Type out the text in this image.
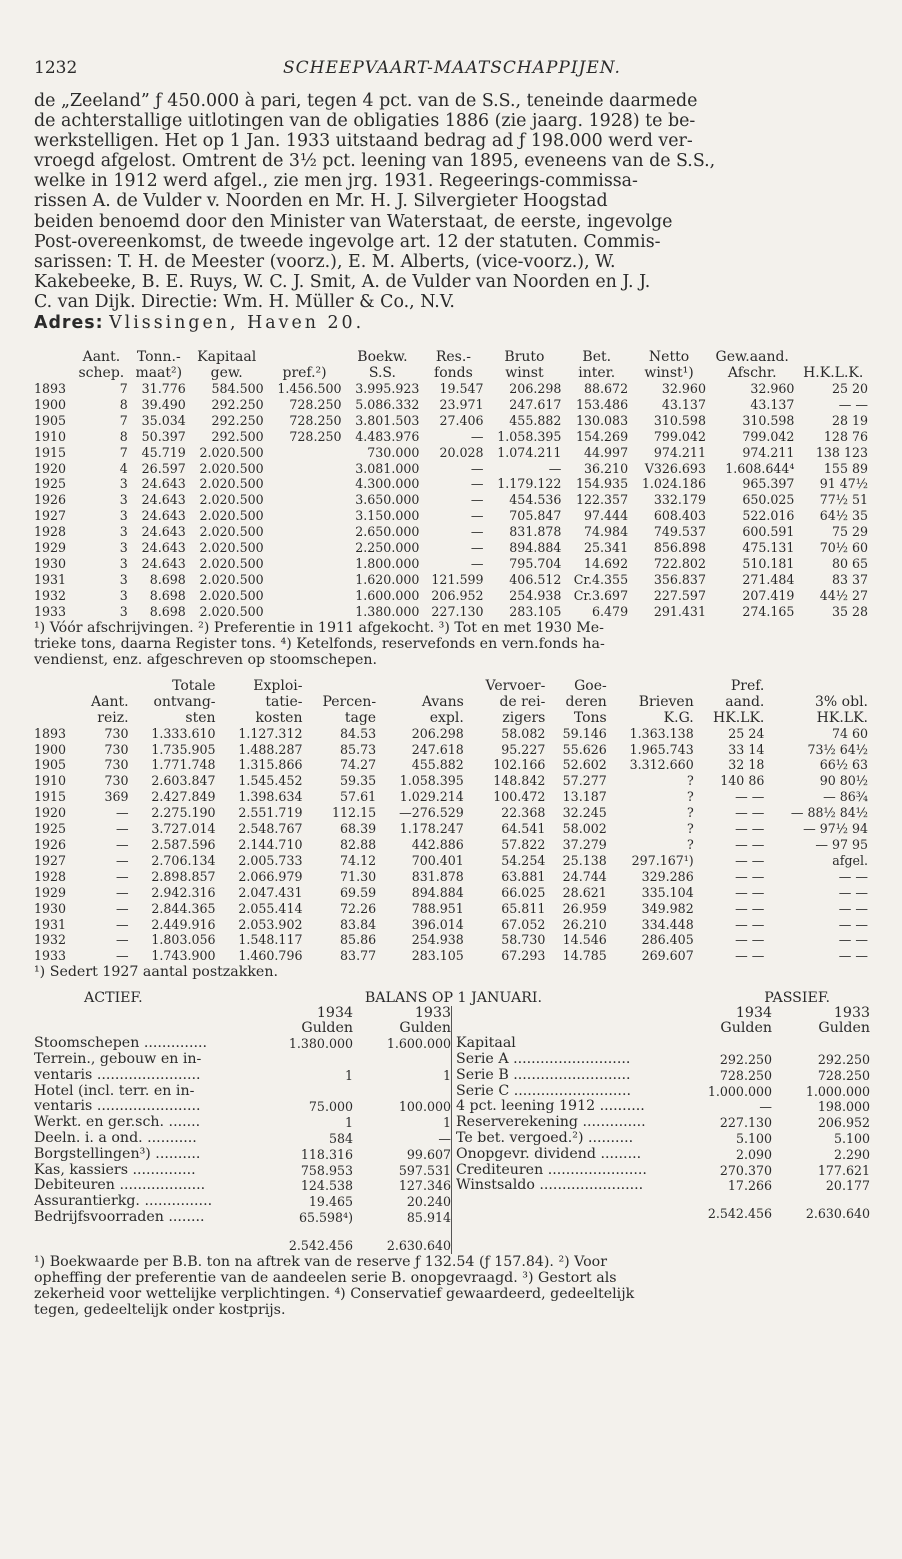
1232	SCHEEPVAART-MAATSCHAPPIJEN.

de „Zeeland” ƒ 450.000 à pari, tegen 4 pct. van de S.S., teneinde daarmede

de achterstallige uitlotingen van de obligaties 1886 (zie jaarg. 1928) te be-

werkstelligen. Het op 1 Jan. 1933 uitstaand bedrag ad ƒ 198.000 werd ver-

vroegd afgelost. Omtrent de 3½ pct. leening van 1895, eveneens van de S.S.,

welke in 1912 werd afgel., zie men jrg. 1931. Regeerings-commissa-

rissen A. de Vulder v. Noorden en Mr. H. J. Silvergieter Hoogstad

beiden benoemd door den Minister van Waterstaat, de eerste, ingevolge

Post-overeenkomst, de tweede ingevolge art. 12 der statuten. Commis-

sarissen: T. H. de Meester (voorz.), E. M. Alberts, (vice-voorz.), W.

Kakebeeke, B. E. Ruys, W. C. J. Smit, A. de Vulder van Noorden en J. J.

C. van Dijk. Directie: Wm. H. Müller & Co., N.V.

Adres: Vlissingen, Haven 20.
	Aant.	Tonn.-	Kapitaal		Boekw.	Res.-	Bruto	Bet.	Netto	Gew.aand.	
	schep.	maat²)	gew.	pref.²)	S.S.	fonds	winst	inter.	winst¹)	Afschr.	H.K.L.K.
1893	7	31.776	584.500	1.456.500	3.995.923	19.547	206.298	88.672	32.960	32.960	25 20
1900	8	39.490	292.250	728.250	5.086.332	23.971	247.617	153.486	43.137	43.137	— —
1905	7	35.034	292.250	728.250	3.801.503	27.406	455.882	130.083	310.598	310.598	28 19
1910	8	50.397	292.500	728.250	4.483.976	—	1.058.395	154.269	799.042	799.042	128 76
1915	7	45.719	2.020.500		730.000	20.028	1.074.211	44.997	974.211	974.211	138 123
1920	4	26.597	2.020.500		3.081.000	—	—	36.210	V326.693	1.608.644⁴	155 89
1925	3	24.643	2.020.500		4.300.000	—	1.179.122	154.935	1.024.186	965.397	91 47½
1926	3	24.643	2.020.500		3.650.000	—	454.536	122.357	332.179	650.025	77½ 51
1927	3	24.643	2.020.500		3.150.000	—	705.847	97.444	608.403	522.016	64½ 35
1928	3	24.643	2.020.500		2.650.000	—	831.878	74.984	749.537	600.591	75 29
1929	3	24.643	2.020.500		2.250.000	—	894.884	25.341	856.898	475.131	70½ 60
1930	3	24.643	2.020.500		1.800.000	—	795.704	14.692	722.802	510.181	80 65
1931	3	8.698	2.020.500		1.620.000	121.599	406.512	Cr.4.355	356.837	271.484	83 37
1932	3	8.698	2.020.500		1.600.000	206.952	254.938	Cr.3.697	227.597	207.419	44½ 27
1933	3	8.698	2.020.500		1.380.000	227.130	283.105	6.479	291.431	274.165	35 28
¹) Vóór afschrijvingen. ²) Preferentie in 1911 afgekocht. ³) Tot en met 1930 Me-
trieke tons, daarna Register tons. ⁴) Ketelfonds, reservefonds en vern.fonds ha-
vendienst, enz. afgeschreven op stoomschepen.
		Totale	Exploi-			Vervoer-	Goe-		Pref.	
	Aant.	ontvang-	tatie-	Percen-	Avans	de rei-	deren	Brieven	aand.	3% obl.
	reiz.	sten	kosten	tage	expl.	zigers	Tons	K.G.	HK.LK.	HK.LK.
1893	730	1.333.610	1.127.312	84.53	206.298	58.082	59.146	1.363.138	25 24	74 60
1900	730	1.735.905	1.488.287	85.73	247.618	95.227	55.626	1.965.743	33 14	73½ 64½
1905	730	1.771.748	1.315.866	74.27	455.882	102.166	52.602	3.312.660	32 18	66½ 63
1910	730	2.603.847	1.545.452	59.35	1.058.395	148.842	57.277	?	140 86	90 80½
1915	369	2.427.849	1.398.634	57.61	1.029.214	100.472	13.187	?	— —	— 86¾
1920	—	2.275.190	2.551.719	112.15	—276.529	22.368	32.245	?	— —	— 88½ 84½
1925	—	3.727.014	2.548.767	68.39	1.178.247	64.541	58.002	?	— —	— 97½ 94
1926	—	2.587.596	2.144.710	82.88	442.886	57.822	37.279	?	— —	— 97 95
1927	—	2.706.134	2.005.733	74.12	700.401	54.254	25.138	297.167¹)	— —	afgel.
1928	—	2.898.857	2.066.979	71.30	831.878	63.881	24.744	329.286	— —	— —
1929	—	2.942.316	2.047.431	69.59	894.884	66.025	28.621	335.104	— —	— —
1930	—	2.844.365	2.055.414	72.26	788.951	65.811	26.959	349.982	— —	— —
1931	—	2.449.916	2.053.902	83.84	396.014	67.052	26.210	334.448	— —	— —
1932	—	1.803.056	1.548.117	85.86	254.938	58.730	14.546	286.405	— —	— —
1933	—	1.743.900	1.460.796	83.77	283.105	67.293	14.785	269.607	— —	— —
¹) Sedert 1927 aantal postzakken.
ACTIEF.	BALANS OP 1 JANUARI.	PASSIEF.
1934	1933
Gulden	Gulden
Stoomschepen ..............	1.380.000	1.600.000
Terrein., gebouw en in-
ventaris .......................	1	1
Hotel (incl. terr. en in-
ventaris .......................	75.000	100.000
Werkt. en ger.sch. .......	1	1
Deeln. i. a ond. ...........	584	—
Borgstellingen³) ..........	118.316	99.607
Kas, kassiers ..............	758.953	597.531
Debiteuren ...................	124.538	127.346
Assurantierkg. ...............	19.465	20.240
Bedrijfsvoorraden ........	65.598⁴)	85.914
2.542.456	2.630.640
1934	1933
Gulden	Gulden
Kapitaal
Serie A ..........................	292.250	292.250
Serie B ..........................	728.250	728.250
Serie C ..........................	1.000.000	1.000.000
4 pct. leening 1912 ..........	—	198.000
Reserverekening ..............	227.130	206.952
Te bet. vergoed.²) ..........	5.100	5.100
Onopgevr. dividend .........	2.090	2.290
Crediteuren ......................	270.370	177.621
Winstsaldo .......................	17.266	20.177
2.542.456	2.630.640
¹) Boekwaarde per B.B. ton na aftrek van de reserve ƒ 132.54 (ƒ 157.84). ²) Voor
opheffing der preferentie van de aandeelen serie B. onopgevraagd. ³) Gestort als
zekerheid voor wettelijke verplichtingen. ⁴) Conservatief gewaardeerd, gedeeltelijk
tegen, gedeeltelijk onder kostprijs.
